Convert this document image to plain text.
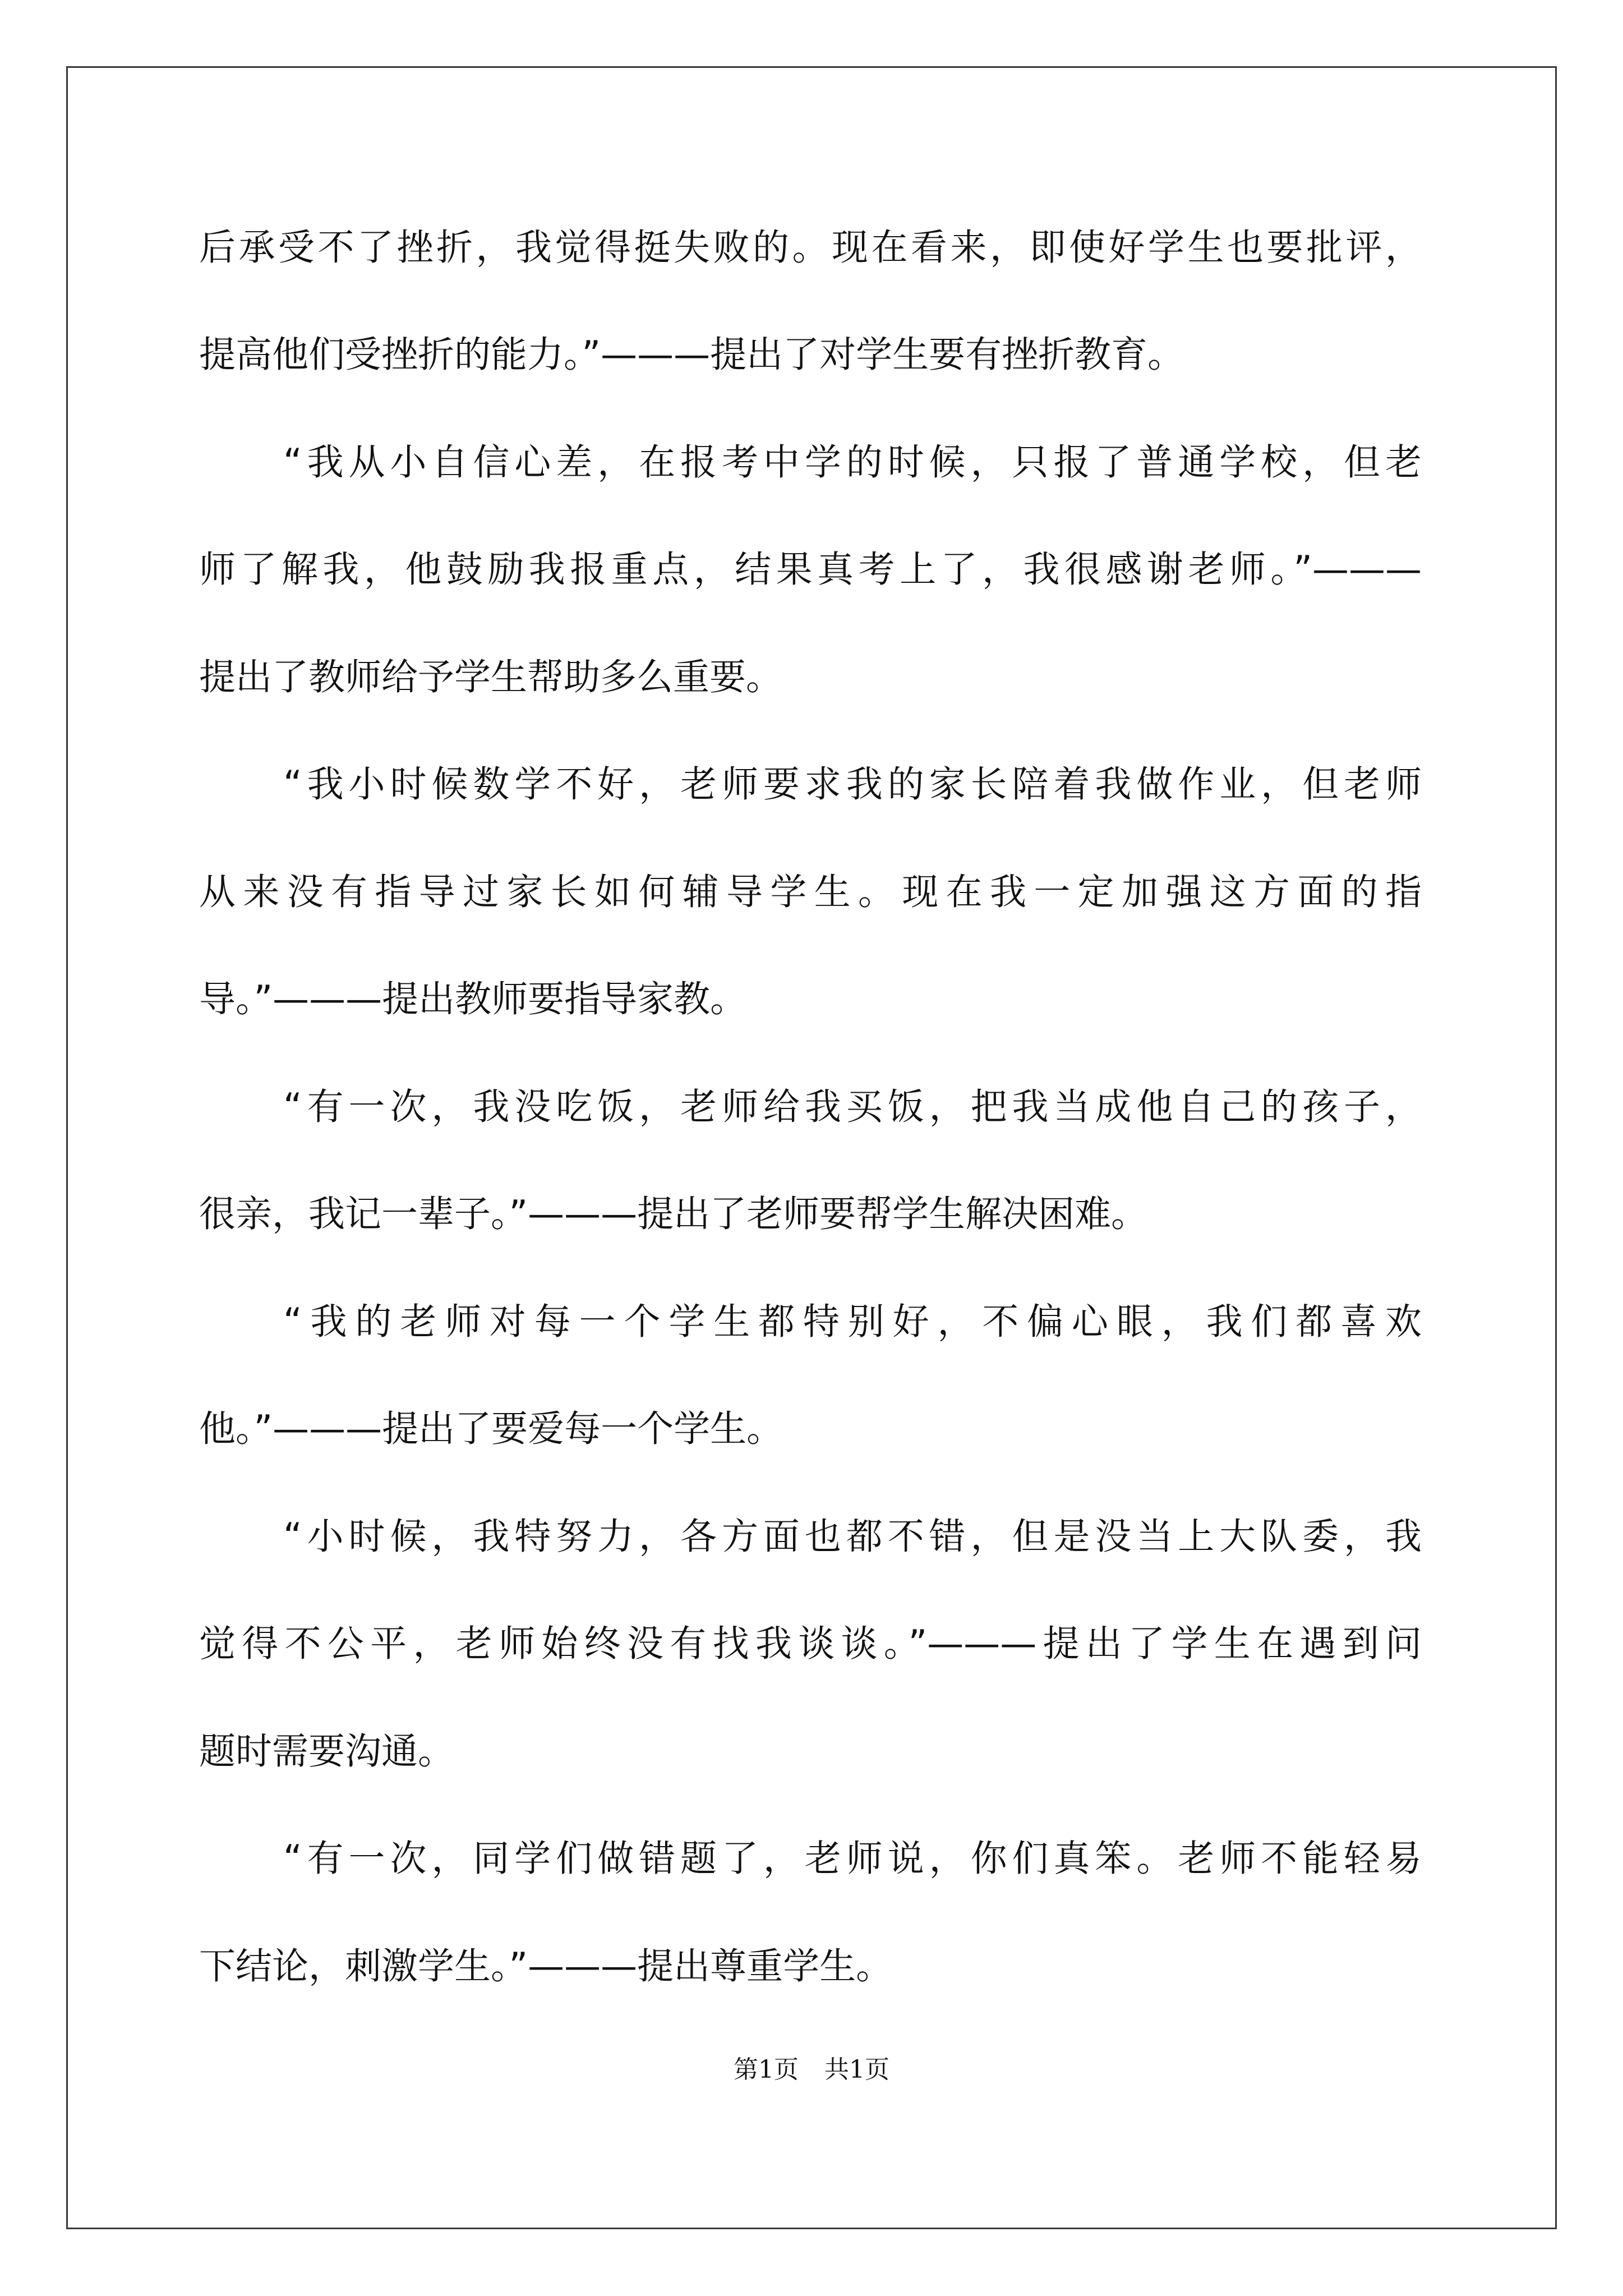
后承受不了挫折，我觉得挺失败的。现在看来，即使好学生也要批评，
提高他们受挫折的能力。”———提出了对学生要有挫折教育。
“我从小自信心差，在报考中学的时候，只报了普通学校，但老
师了解我，他鼓励我报重点，结果真考上了，我很感谢老师。”———
提出了教师给予学生帮助多么重要。
“我小时候数学不好，老师要求我的家长陪着我做作业，但老师
从来没有指导过家长如何辅导学生。现在我一定加强这方面的指
导。”———提出教师要指导家教。
“有一次，我没吃饭，老师给我买饭，把我当成他自己的孩子，
很亲，我记一辈子。”———提出了老师要帮学生解决困难。
“我的老师对每一个学生都特别好，不偏心眼，我们都喜欢
他。”———提出了要爱每一个学生。
“小时候，我特努力，各方面也都不错，但是没当上大队委，我
觉得不公平，老师始终没有找我谈谈。”———提出了学生在遇到问
题时需要沟通。
“有一次，同学们做错题了，老师说，你们真笨。老师不能轻易
下结论，刺激学生。”———提出尊重学生。
第1页 共1页
